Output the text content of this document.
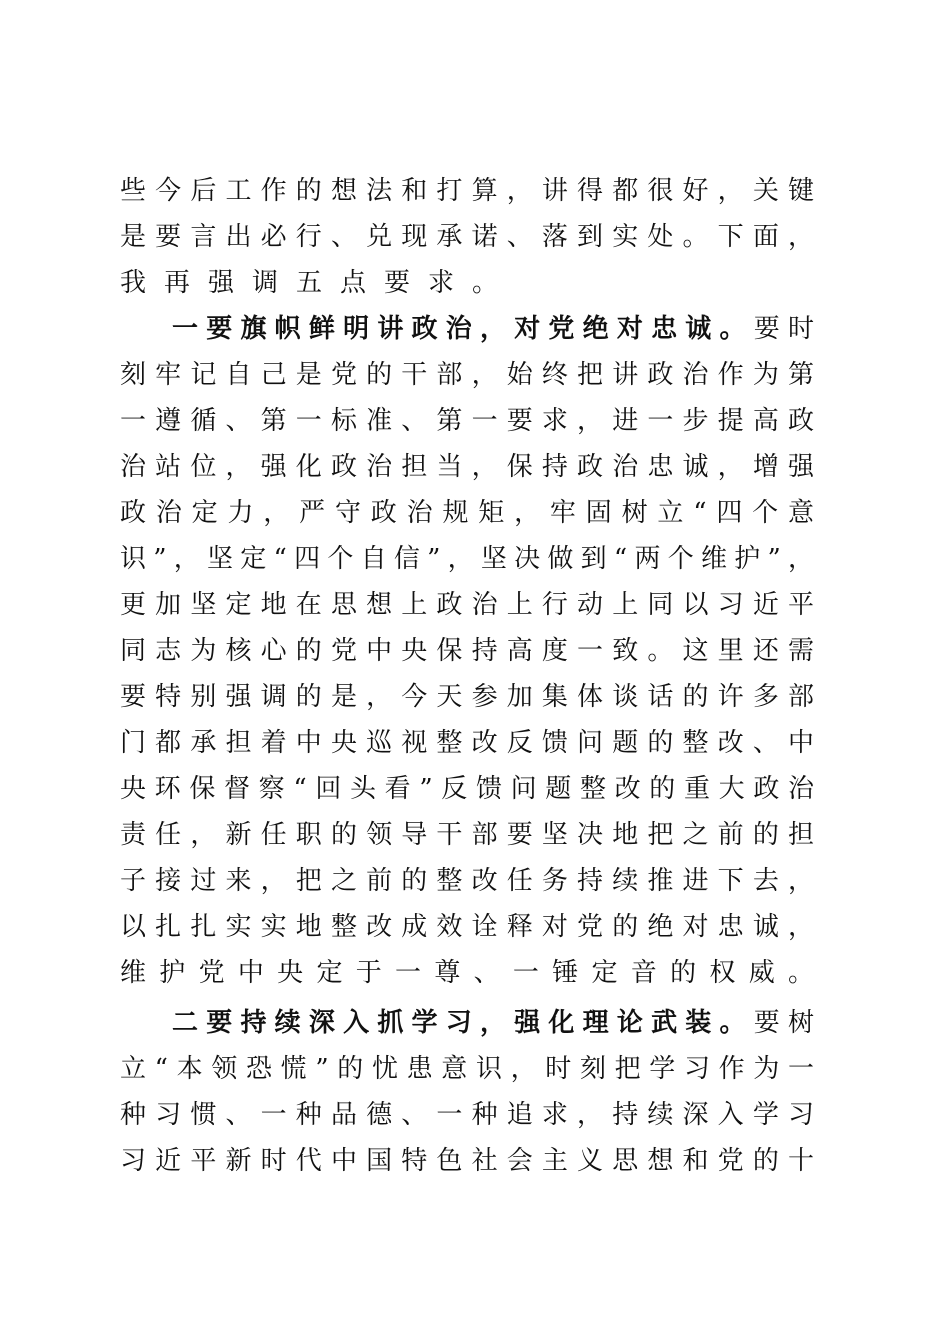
些今后工作的想法和打算，讲得都很好，关键
是要言出必行、兑现承诺、落到实处。下面，
我再强调五点要求。
一要旗帜鲜明讲政治，对党绝对忠诚。要时
刻牢记自己是党的干部，始终把讲政治作为第
一遵循、第一标准、第一要求，进一步提高政
治站位，强化政治担当，保持政治忠诚，增强
政治定力，严守政治规矩，牢固树立“四个意
识”，坚定“四个自信”，坚决做到“两个维护”，
更加坚定地在思想上政治上行动上同以习近平
同志为核心的党中央保持高度一致。这里还需
要特别强调的是，今天参加集体谈话的许多部
门都承担着中央巡视整改反馈问题的整改、中
央环保督察“回头看”反馈问题整改的重大政治
责任，新任职的领导干部要坚决地把之前的担
子接过来，把之前的整改任务持续推进下去，
以扎扎实实地整改成效诠释对党的绝对忠诚，
维护党中央定于一尊、一锤定音的权威。
二要持续深入抓学习，强化理论武装。要树
立“本领恐慌”的忧患意识，时刻把学习作为一
种习惯、一种品德、一种追求，持续深入学习
习近平新时代中国特色社会主义思想和党的十
